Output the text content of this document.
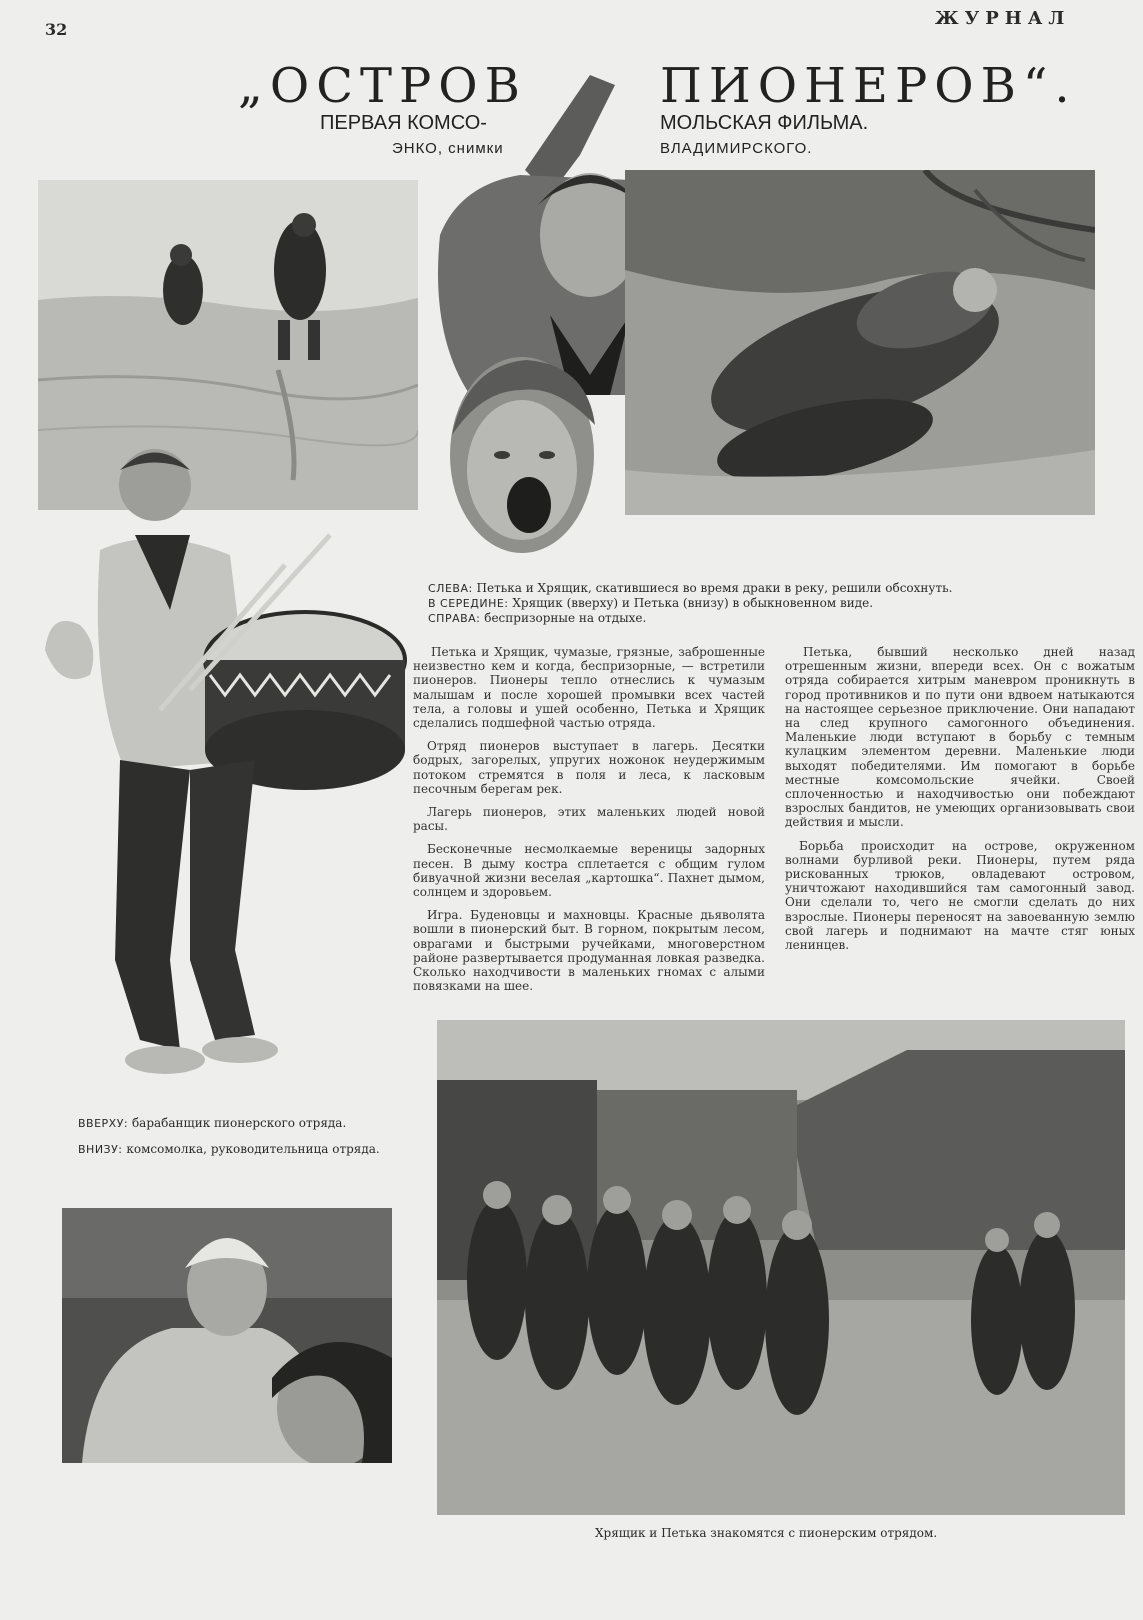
32
ЖУРНАЛ
„ОСТРОВ	ПИОНЕРОВ“.
ПЕРВАЯ КОМСО-	МОЛЬСКАЯ ФИЛЬМА.
ЭНКО, снимки	ВЛАДИМИРСКОГО.
СЛЕВА: Петька и Хрящик, скатившиеся во время драки в реку, решили обсохнуть.
В СЕРЕДИНЕ: Хрящик (вверху) и Петька (внизу) в обыкновенном виде.
СПРАВА: беспризорные на отдыхе.

Петька и Хрящик, чумазые, грязные, заброшенные неизвестно кем и когда, беспризорные, — встретили пионеров. Пионеры тепло отнеслись к чумазым малышам и после хорошей промывки всех частей тела, а головы и ушей особенно, Петька и Хрящик сделались подшефной частью отряда.

Отряд пионеров выступает в лагерь. Десятки бодрых, загорелых, упругих ножонок неудержимым потоком стремятся в поля и леса, к ласковым песочным берегам рек.

Лагерь пионеров, этих маленьких людей новой расы.

Бесконечные несмолкаемые вереницы задорных песен. В дыму костра сплетается с общим гулом бивуачной жизни веселая „картошка“. Пахнет дымом, солнцем и здоровьем.

Игра. Буденовцы и махновцы. Красные дьяволята вошли в пионерский быт. В горном, покрытым лесом, оврагами и быстрыми ручейками, многоверстном районе развертывается продуманная ловкая разведка. Сколько находчивости в маленьких гномах с алыми повязками на шее.

Петька, бывший несколько дней назад отрешенным жизни, впереди всех. Он с вожатым отряда собирается хитрым маневром проникнуть в город противников и по пути они вдвоем натыкаются на настоящее серьезное приключение. Они нападают на след крупного самогонного объединения. Маленькие люди вступают в борьбу с темным кулацким элементом деревни. Маленькие люди выходят победителями. Им помогают в борьбе местные комсомольские ячейки. Своей сплоченностью и находчивостью они побеждают взрослых бандитов, не умеющих организовывать свои действия и мысли.

Борьба происходит на острове, окруженном волнами бурливой реки. Пионеры, путем ряда рискованных трюков, овладевают островом, уничтожают находившийся там самогонный завод. Они сделали то, чего не смогли сделать до них взрослые. Пионеры переносят на завоеванную землю свой лагерь и поднимают на мачте стяг юных ленинцев.

ВВЕРХУ: барабанщик пионерского отряда.
ВНИЗУ: комсомолка, руководительница отряда.
Хрящик и Петька знакомятся с пионерским отрядом.
